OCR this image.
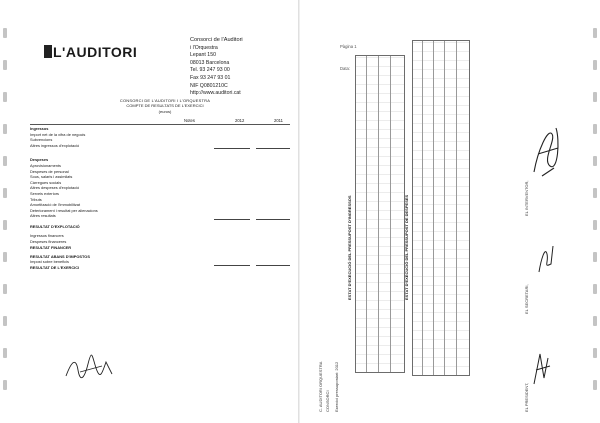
L'AUDITORI
Consorci de l'Auditori
i l'Orquestra
Lepant 150
08013 Barcelona
Tel. 93 247 93 00
Fax 93 247 93 01
NIF Q0801210C
http://www.auditori.cat
CONSORCI DE L'AUDITORI I L'ORQUESTRA
COMPTE DE RESULTATS DE L'EXERCICI
(euros)
Notes	2012	2011
Ingressos
Import net de la xifra de negocis
Subvencions
Altres ingressos d'explotació
Despeses
Aprovisionaments
Despeses de personal
Sous, salaris i assimilats
Càrregues socials
Altres despeses d'explotació
Serveis exteriors
Tributs
Amortització de l'immobilitzat
Deteriorament i resultat per alienacions
Altres resultats
RESULTAT D'EXPLOTACIÓ
Ingressos financers
Despeses financeres
RESULTAT FINANCER
RESULTAT ABANS D'IMPOSTOS
Impost sobre beneficis
RESULTAT DE L'EXERCICI
Pàgina 1
Data:
ESTAT D'EXECUCIÓ DEL PRESSUPOST D'INGRESSOS	ESTAT D'EXECUCIÓ DEL PRESSUPOST DE DESPESES
C. AUDITORI ORQUESTRA CONSORCI Exercici pressupostari: 2012	EL PRESIDENT,
EL SECRETARI,
EL INTERVENTOR,
